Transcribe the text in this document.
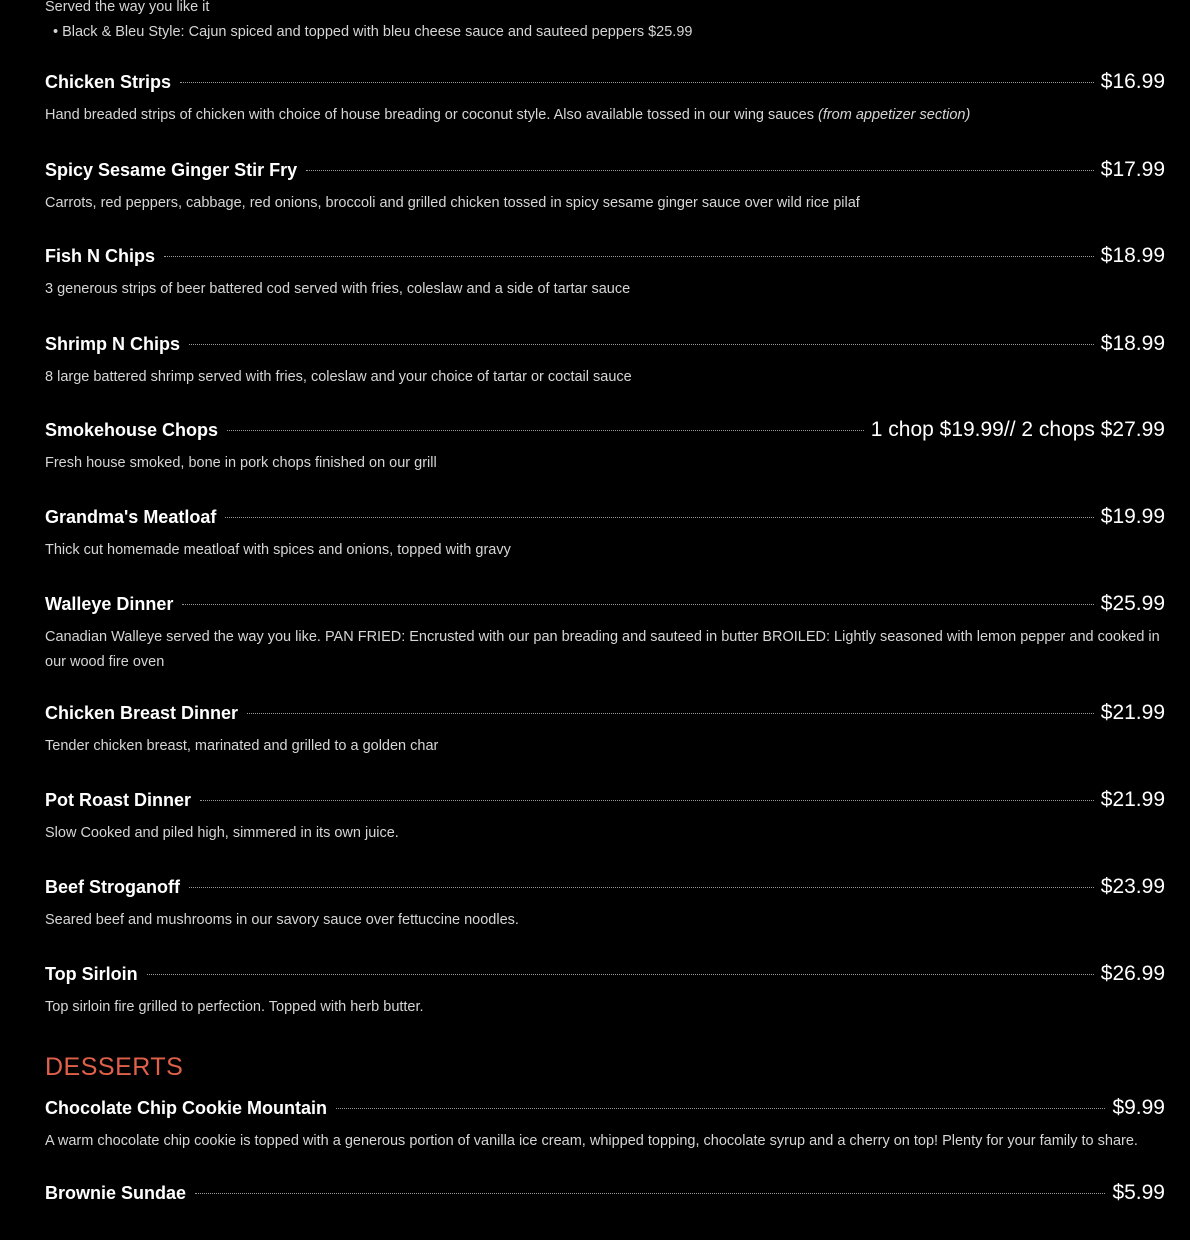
Served the way you like it
• Black & Bleu Style: Cajun spiced and topped with bleu cheese sauce and sauteed peppers $25.99
Chicken Strips	$16.99
Hand breaded strips of chicken with choice of house breading or coconut style. Also available tossed in our wing sauces (from appetizer section)
Spicy Sesame Ginger Stir Fry	$17.99
Carrots, red peppers, cabbage, red onions, broccoli and grilled chicken tossed in spicy sesame ginger sauce over wild rice pilaf
Fish N Chips	$18.99
3 generous strips of beer battered cod served with fries, coleslaw and a side of tartar sauce
Shrimp N Chips	$18.99
8 large battered shrimp served with fries, coleslaw and your choice of tartar or coctail sauce
Smokehouse Chops	1 chop $19.99// 2 chops $27.99
Fresh house smoked, bone in pork chops finished on our grill
Grandma's Meatloaf	$19.99
Thick cut homemade meatloaf with spices and onions, topped with gravy
Walleye Dinner	$25.99
Canadian Walleye served the way you like. PAN FRIED: Encrusted with our pan breading and sauteed in butter BROILED: Lightly seasoned with lemon pepper and cooked in our wood fire oven
Chicken Breast Dinner	$21.99
Tender chicken breast, marinated and grilled to a golden char
Pot Roast Dinner	$21.99
Slow Cooked and piled high, simmered in its own juice.
Beef Stroganoff	$23.99
Seared beef and mushrooms in our savory sauce over fettuccine noodles.
Top Sirloin	$26.99
Top sirloin fire grilled to perfection. Topped with herb butter.
DESSERTS
Chocolate Chip Cookie Mountain	$9.99
A warm chocolate chip cookie is topped with a generous portion of vanilla ice cream, whipped topping, chocolate syrup and a cherry on top! Plenty for your family to share.
Brownie Sundae	$5.99
